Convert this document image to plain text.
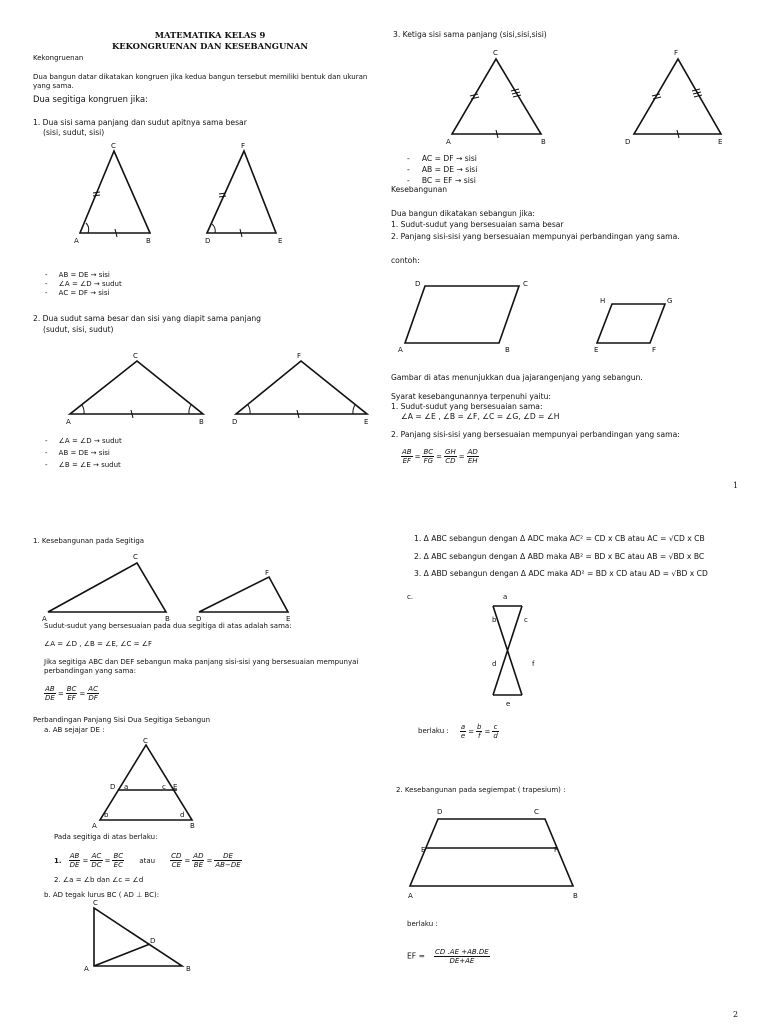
MATEMATIKA KELAS 9
KEKONGRUENAN DAN KESEBANGUNAN
Kekongruenan
Dua bangun datar dikatakan kongruen jika kedua bangun tersebut memiliki bentuk dan ukuran yang sama.
Dua segitiga kongruen jika:
1. Dua sisi sama panjang dan sudut apitnya sama besar
(sisi, sudut, sisi)
A	B
C
D	E
F
A	B
C
D	E
F
A	B
C
D	E
F
A	B
C
D
E	F
G
H
-     AB = DE → sisi
-     ∠A = ∠D → sudut
-     AC = DF → sisi
2. Dua sudut sama besar dan sisi yang diapit sama panjang
(sudut, sisi, sudut)
-     ∠A = ∠D → sudut
-     AB = DE → sisi
-     ∠B = ∠E → sudut
3. Ketiga sisi sama panjang (sisi,sisi,sisi)
-     AC = DF → sisi
-     AB = DE → sisi
-     BC = EF → sisi
Kesebangunan
Dua bangun dikatakan sebangun jika:
1. Sudut-sudut yang bersesuaian sama besar
2. Panjang sisi-sisi yang bersesuaian mempunyai perbandingan yang sama.
contoh:
Gambar di atas menunjukkan dua jajarangenjang yang sebangun.
Syarat kesebangunannya terpenuhi yaitu:
1. Sudut-sudut yang bersesuaian sama:
∠A = ∠E , ∠B = ∠F, ∠C = ∠G, ∠D = ∠H
2. Panjang sisi-sisi yang bersesuaian mempunyai perbandingan yang sama:
$\frac{AB}{EF} = \frac{BC}{FG} = \frac{GH}{CD} = \frac{AD}{EH}$
1
1. Kesebangunan pada Segitiga
A	B
C
D	E
F
C
D a	c E
b	d
A	B
C
D
A	B
a
b	c
d	f
e
D	C
E	F
A	B
Sudut-sudut yang bersesuaian pada dua segitiga di atas adalah sama:
∠A = ∠D , ∠B = ∠E, ∠C = ∠F
Jika segitiga ABC dan DEF sebangun maka panjang sisi-sisi yang bersesuaian mempunyai perbandingan yang sama:
$\frac{AB}{DE} = \frac{BC}{EF} = \frac{AC}{DF}$
Perbandingan Panjang Sisi Dua Segitiga Sebangun
a. AB sejajar DE :
Pada segitiga di atas berlaku:
1. $\frac{AB}{DE} = \frac{AC}{DC} = \frac{BC}{EC}$ atau $\frac{CD}{CE} = \frac{AD}{BE} = \frac{DE}{AB-DE}$
2. ∠a = ∠b dan ∠c = ∠d
b. AD tegak lurus BC ( AD ⊥ BC):
1. Δ ABC sebangun dengan Δ ADC maka AC² = CD x CB atau AC = √CD x CB
2. Δ ABC sebangun dengan Δ ABD maka AB² = BD x BC atau AB = √BD x BC
3. Δ ABD sebangun dengan Δ ADC maka AD² = BD x CD atau AD = √BD x CD
c.
berlaku : $\frac{a}{e} = \frac{b}{f} = \frac{c}{d}$
2. Kesebangunan pada segiempat ( trapesium) :
berlaku :
EF = $\frac{CD .AE +AB.DE}{DE+AE}$
2
